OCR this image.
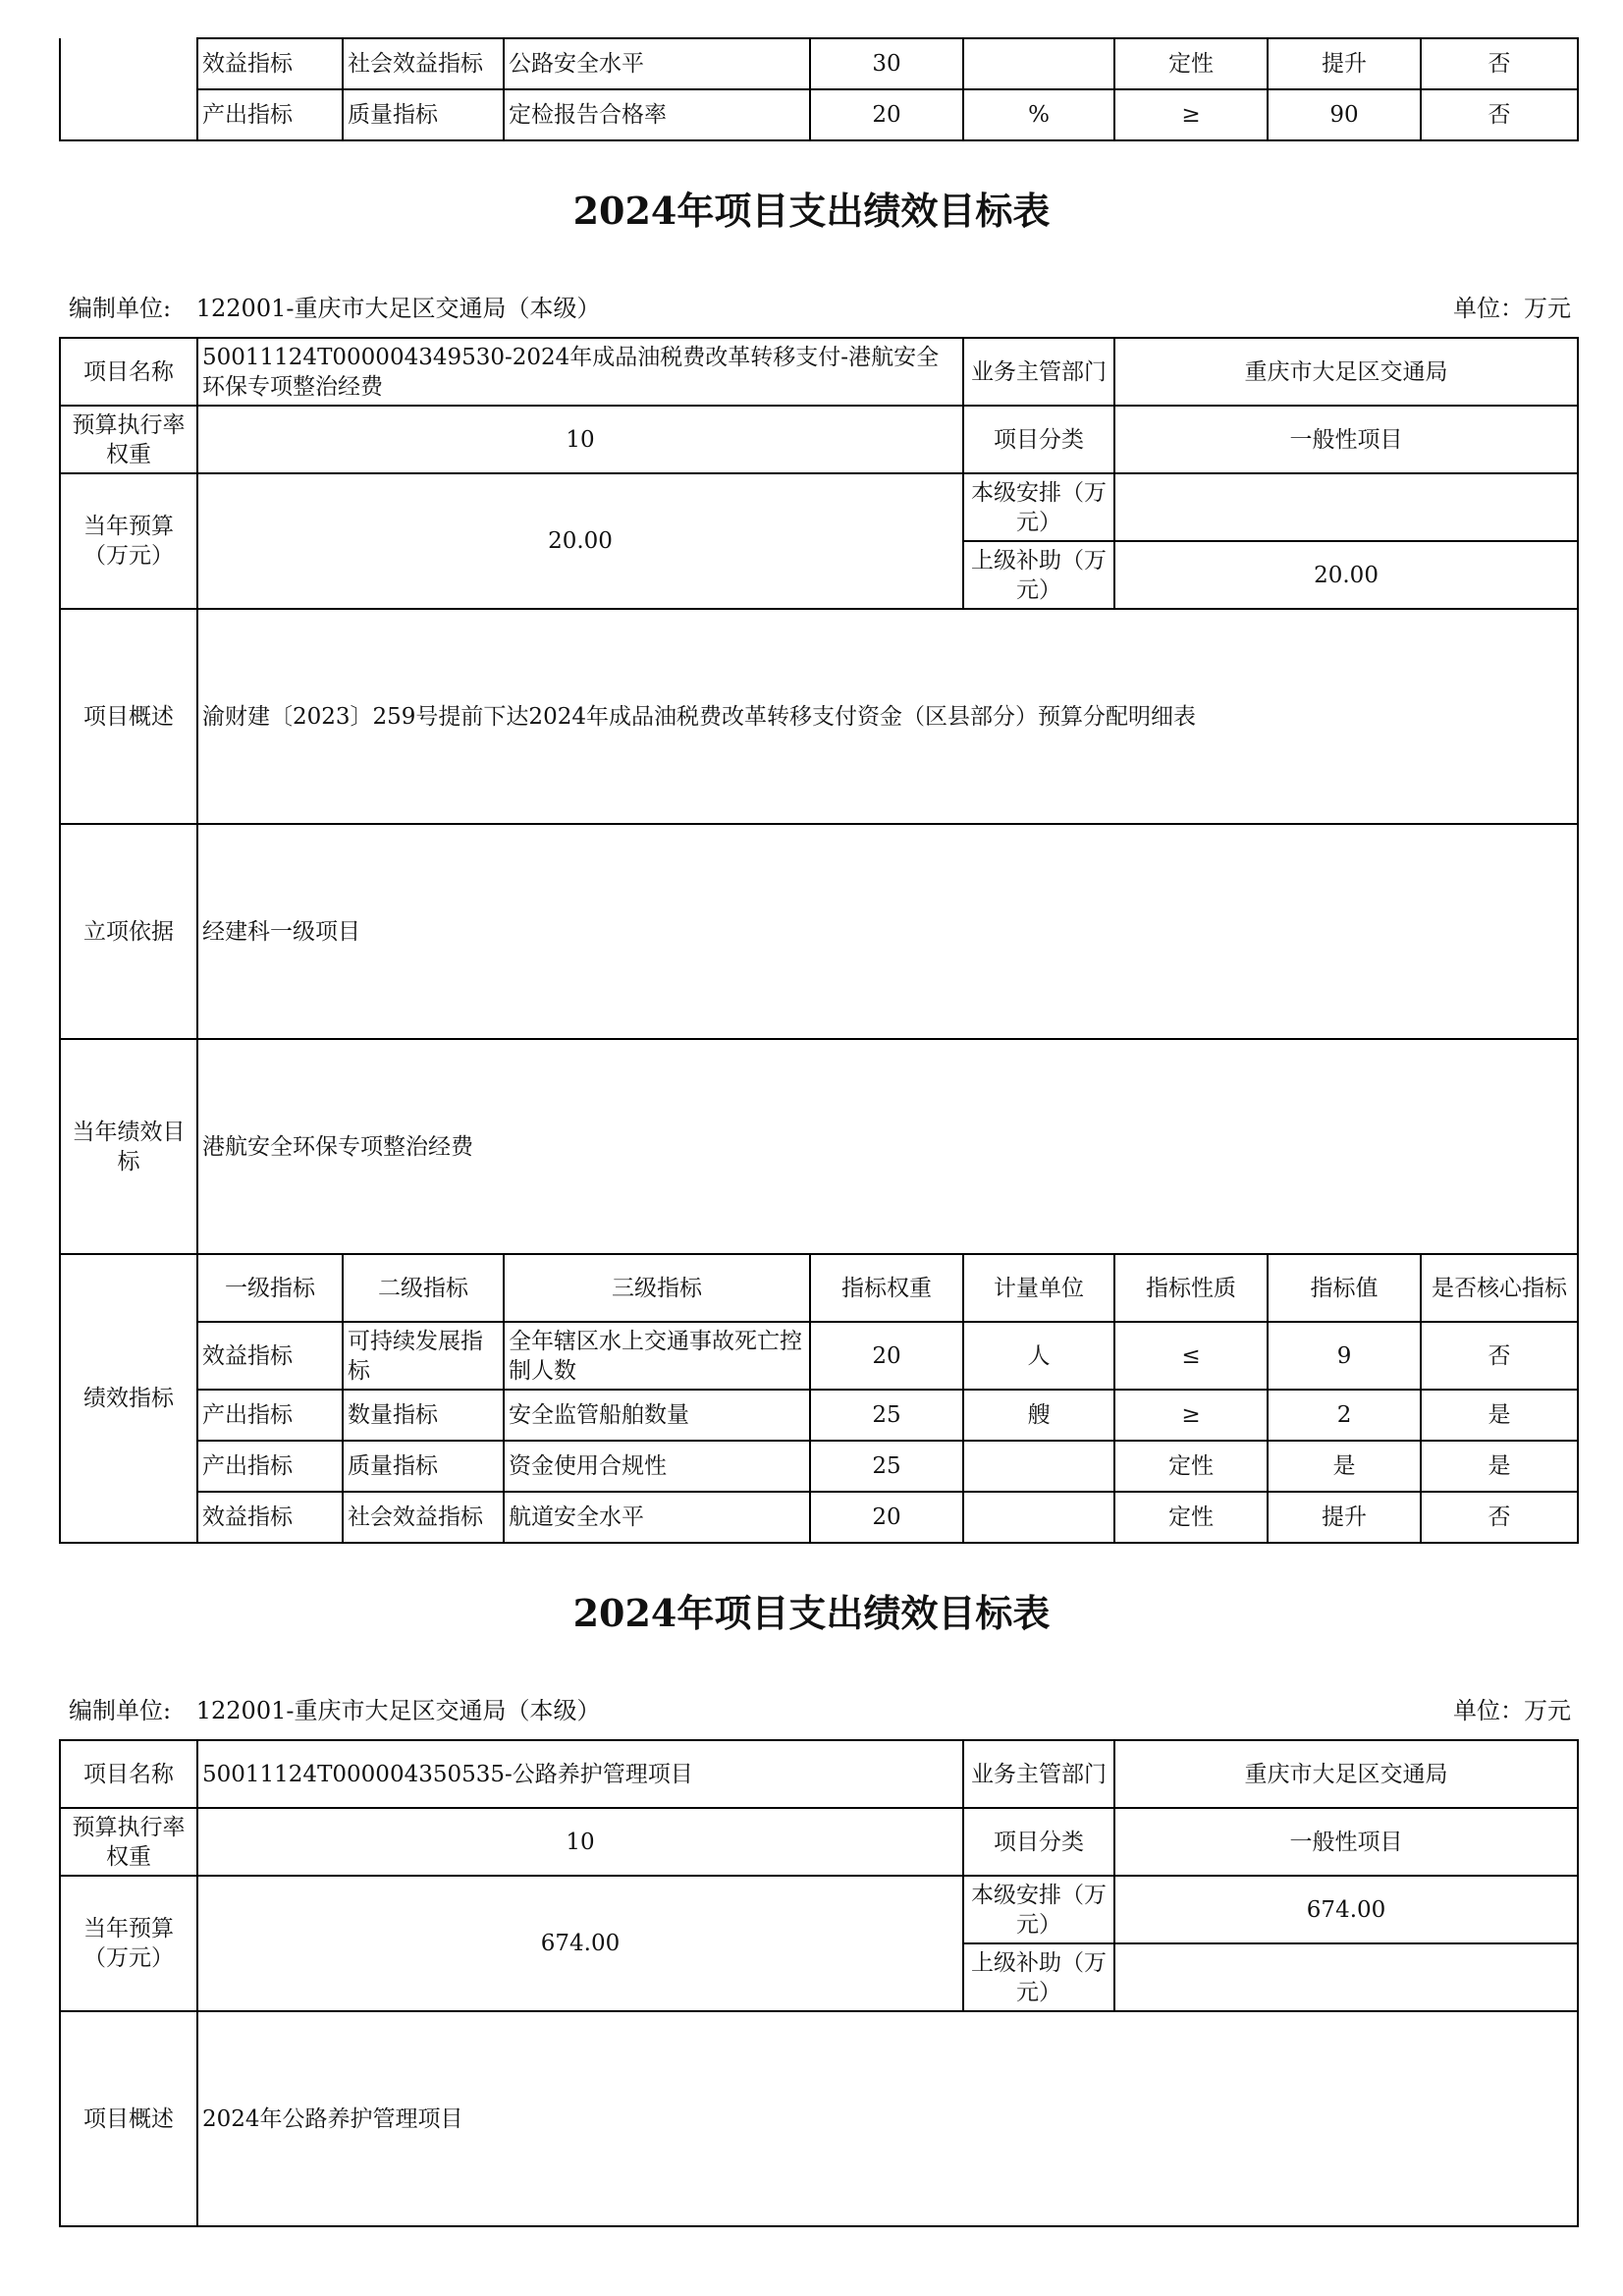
	效益指标	社会效益指标	公路安全水平	30		定性	提升	否
	产出指标	质量指标	定检报告合格率	20	%	≥	90	否
2024年项目支出绩效目标表
编制单位: 122001-重庆市大足区交通局（本级）	单位：万元
项目名称	50011124T000004349530-2024年成品油税费改革转移支付-港航安全环保专项整治经费				业务主管部门	重庆市大足区交通局		
预算执行率权重	10				项目分类	一般性项目		
当年预算（万元）	20.00				本级安排（万元）			
					上级补助（万元）	20.00		
项目概述	渝财建〔2023〕259号提前下达2024年成品油税费改革转移支付资金（区县部分）预算分配明细表							
立项依据	经建科一级项目							
当年绩效目标	港航安全环保专项整治经费							
绩效指标	一级指标	二级指标	三级指标	指标权重	计量单位	指标性质	指标值	是否核心指标
	效益指标	可持续发展指标	全年辖区水上交通事故死亡控制人数	20	人	≤	9	否
	产出指标	数量指标	安全监管船舶数量	25	艘	≥	2	是
	产出指标	质量指标	资金使用合规性	25		定性	是	是
	效益指标	社会效益指标	航道安全水平	20		定性	提升	否
2024年项目支出绩效目标表
编制单位: 122001-重庆市大足区交通局（本级）	单位：万元
项目名称	50011124T000004350535-公路养护管理项目	业务主管部门	重庆市大足区交通局
预算执行率权重	10	项目分类	一般性项目
当年预算（万元）	674.00	本级安排（万元）	674.00
		上级补助（万元）	
项目概述	2024年公路养护管理项目		
